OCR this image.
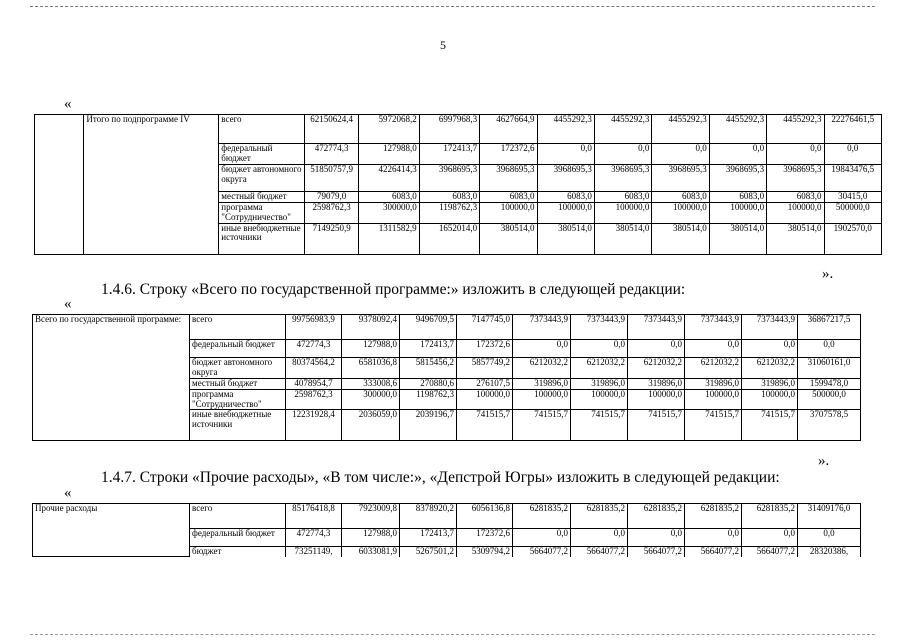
5
«
	Итого по подпрограмме IV	всего	62150624,4	5972068,2	6997968,3	4627664,9	4455292,3	4455292,3	4455292,3	4455292,3	4455292,3	22276461,5
		федеральный бюджет	472774,3	127988,0	172413,7	172372,6	0,0	0,0	0,0	0,0	0,0	0,0
		бюджет автономного округа	51850757,9	4226414,3	3968695,3	3968695,3	3968695,3	3968695,3	3968695,3	3968695,3	3968695,3	19843476,5
		местный бюджет	79079,0	6083,0	6083,0	6083,0	6083,0	6083,0	6083,0	6083,0	6083,0	30415,0
		программа "Сотрудничество"	2598762,3	300000,0	1198762,3	100000,0	100000,0	100000,0	100000,0	100000,0	100000,0	500000,0
		иные внебюджетные источники	7149250,9	1311582,9	1652014,0	380514,0	380514,0	380514,0	380514,0	380514,0	380514,0	1902570,0
».
1.4.6. Строку «Всего по государственной программе:» изложить в следующей редакции:
«
Всего по государственной программе:	всего	99756983,9	9378092,4	9496709,5	7147745,0	7373443,9	7373443,9	7373443,9	7373443,9	7373443,9	36867217,5
	федеральный бюджет	472774,3	127988,0	172413,7	172372,6	0,0	0,0	0,0	0,0	0,0	0,0
	бюджет автономного округа	80374564,2	6581036,8	5815456,2	5857749,2	6212032,2	6212032,2	6212032,2	6212032,2	6212032,2	31060161,0
	местный бюджет	4078954,7	333008,6	270880,6	276107,5	319896,0	319896,0	319896,0	319896,0	319896,0	1599478,0
	программа "Сотрудничество"	2598762,3	300000,0	1198762,3	100000,0	100000,0	100000,0	100000,0	100000,0	100000,0	500000,0
	иные внебюджетные источники	12231928,4	2036059,0	2039196,7	741515,7	741515,7	741515,7	741515,7	741515,7	741515,7	3707578,5
».
1.4.7. Строки «Прочие расходы», «В том числе:», «Депстрой Югры» изложить в следующей редакции:
«
Прочие расходы	всего	85176418,8	7923009,8	8378920,2	6056136,8	6281835,2	6281835,2	6281835,2	6281835,2	6281835,2	31409176,0
	федеральный бюджет	472774,3	127988,0	172413,7	172372,6	0,0	0,0	0,0	0,0	0,0	0,0
	бюджет	73251149,	6033081,9	5267501,2	5309794,2	5664077,2	5664077,2	5664077,2	5664077,2	5664077,2	28320386,
